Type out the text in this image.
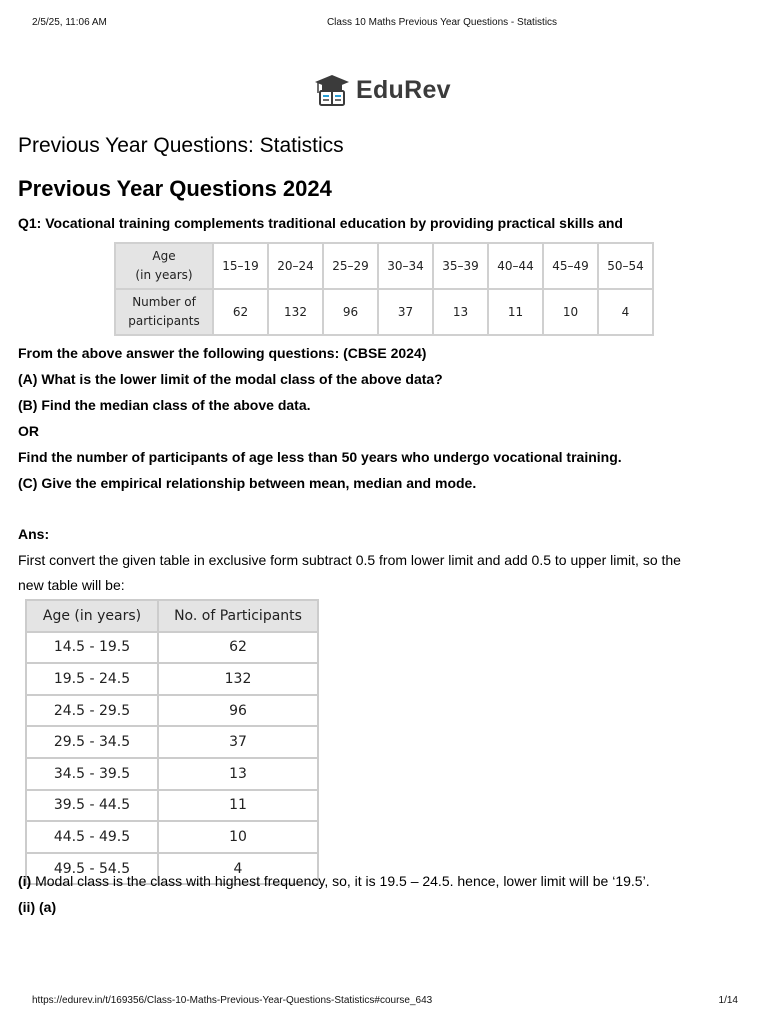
2/5/25, 11:06 AM	Class 10 Maths Previous Year Questions - Statistics
EduRev
Previous Year Questions: Statistics
Previous Year Questions 2024
Q1: Vocational training complements traditional education by providing practical skills and
Age
(in years)	15–19	20–24	25–29	30–34	35–39	40–44	45–49	50–54

Number of
participants	62	132	96	37	13	11	10	4
From the above answer the following questions: (CBSE 2024)
(A) What is the lower limit of the modal class of the above data?
(B) Find the median class of the above data.
OR
Find the number of participants of age less than 50 years who undergo vocational training.
(C) Give the empirical relationship between mean, median and mode.
Ans:
First convert the given table in exclusive form subtract 0.5 from lower limit and add 0.5 to upper limit, so the
new table will be:
Age (in years)	No. of Participants
14.5 - 19.5	62
19.5 - 24.5	132
24.5 - 29.5	96
29.5 - 34.5	37
34.5 - 39.5	13
39.5 - 44.5	11
44.5 - 49.5	10
49.5 - 54.5	4
(i) Modal class is the class with highest frequency, so, it is 19.5 – 24.5. hence, lower limit will be ‘19.5’.
(ii) (a)
https://edurev.in/t/169356/Class-10-Maths-Previous-Year-Questions-Statistics#course_643	1/14
